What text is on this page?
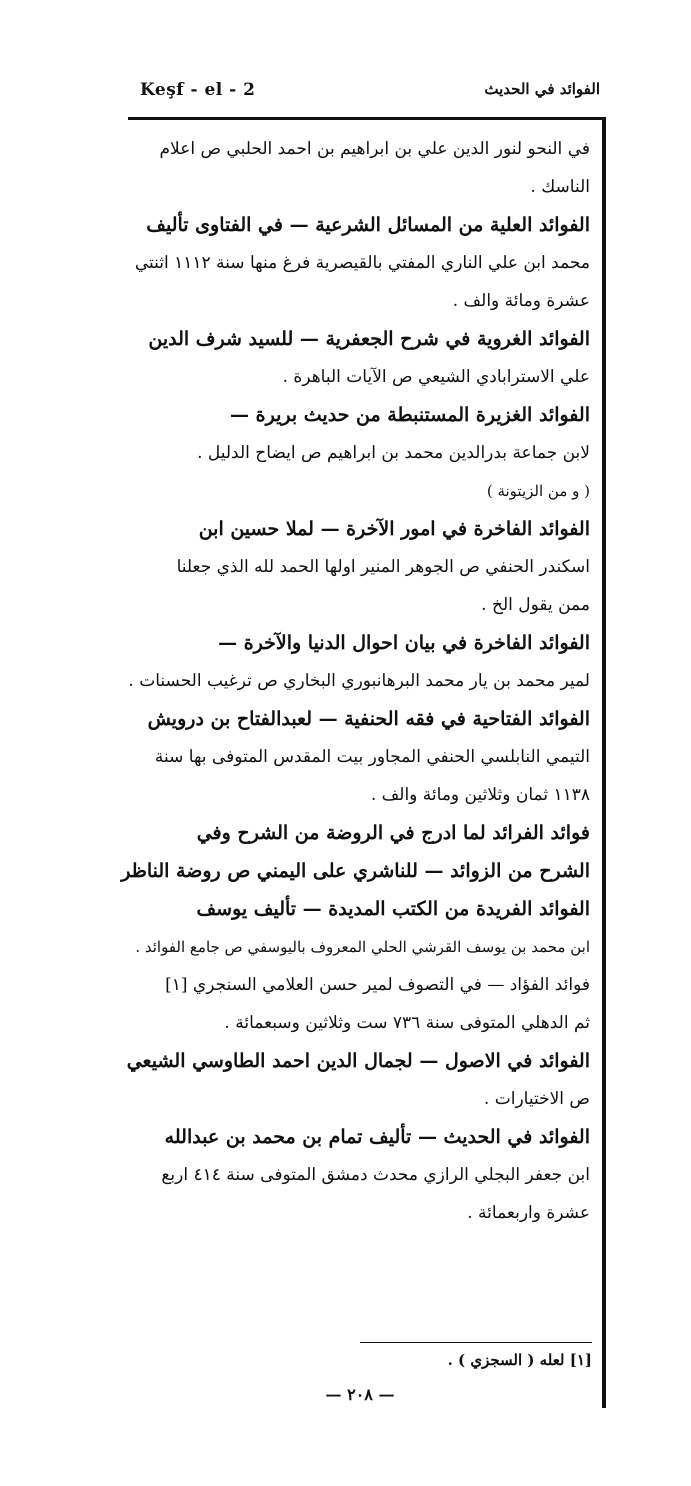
Keşf - el - 2	الفوائد في الحديث
في النحو لنور الدين علي بن ابراهيم بن احمد الحلبي ص اعلام
الناسك .
الفوائد العلية من المسائل الشرعية — في الفتاوى تأليف
محمد ابن علي الناري المفتي بالقيصرية فرغ منها سنة ١١١٢ اثنتي
عشرة ومائة والف .
الفوائد الغروية في شرح الجعفرية — للسيد شرف الدين
علي الاسترابادي الشيعي ص الآيات الباهرة .
الفوائد الغزيرة المستنبطة من حديث بريرة —
لابن جماعة بدرالدين محمد بن ابراهيم ص ايضاح الدليل .
( و من الزيتونة )
الفوائد الفاخرة في امور الآخرة — لملا حسين ابن
اسكندر الحنفي ص الجوهر المنير اولها الحمد لله الذي جعلنا
ممن يقول الخ .
الفوائد الفاخرة في بيان احوال الدنيا والآخرة —
لمير محمد بن يار محمد البرهانبوري البخاري ص ترغيب الحسنات .
الفوائد الفتاحية في فقه الحنفية — لعبدالفتاح بن درويش
التيمي النابلسي الحنفي المجاور بيت المقدس المتوفى بها سنة
١١٣٨ ثمان وثلاثين ومائة والف .
فوائد الفرائد لما ادرج في الروضة من الشرح وفي
الشرح من الزوائد — للناشري على اليمني ص روضة الناظر
الفوائد الفريدة من الكتب المديدة — تأليف يوسف
ابن محمد بن يوسف القرشي الحلي المعروف باليوسفي ص جامع الفوائد .
فوائد الفؤاد — في التصوف لمير حسن العلامي السنجري [١]
ثم الدهلي المتوفى سنة ٧٣٦ ست وثلاثين وسبعمائة .
الفوائد في الاصول — لجمال الدين احمد الطاوسي الشيعي
ص الاختيارات .
الفوائد في الحديث — تأليف تمام بن محمد بن عبدالله
ابن جعفر البجلي الرازي محدث دمشق المتوفى سنة ٤١٤ اربع
عشرة واربعمائة .
[١] لعله ( السجزي ) .
— ٢٠٨ —
